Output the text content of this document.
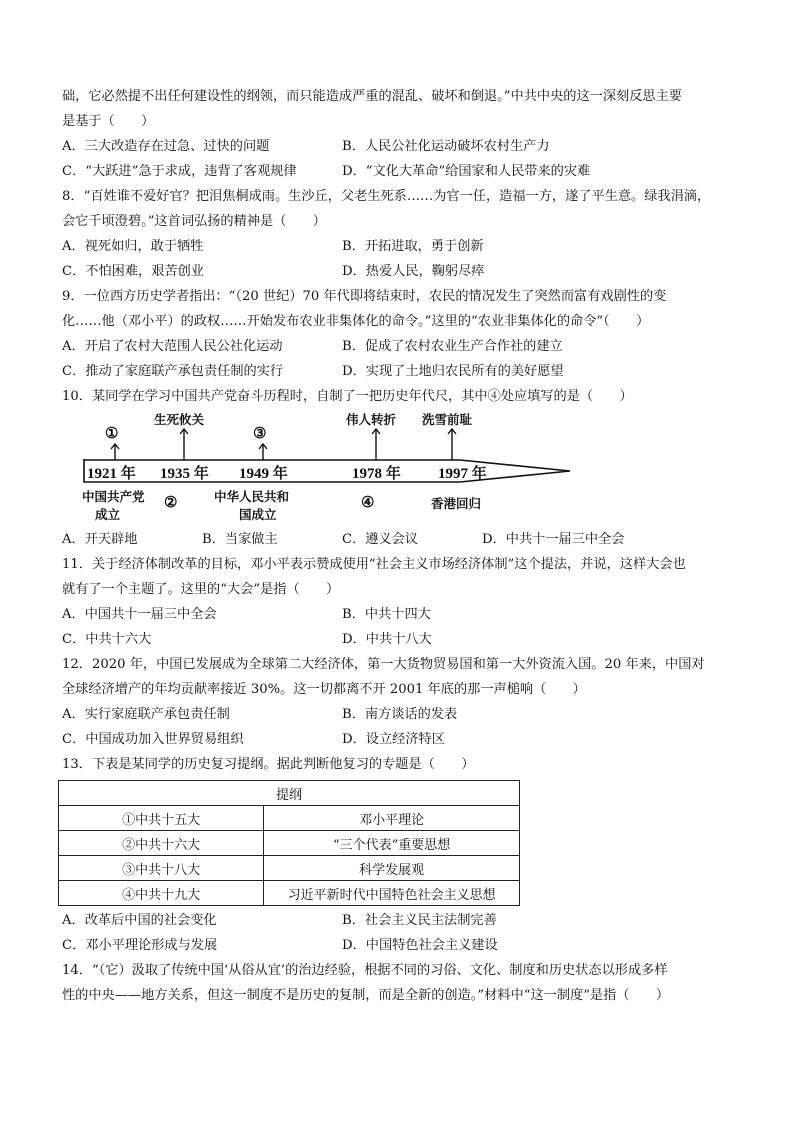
础，它必然提不出任何建设性的纲领，而只能造成严重的混乱、破坏和倒退。”中共中央的这一深刻反思主要
是基于（　　）
A．三大改造存在过急、过快的问题	B．人民公社化运动破坏农村生产力
C．“大跃进”急于求成，违背了客观规律	D．“文化大革命”给国家和人民带来的灾难
8．“百姓谁不爱好官？把泪焦桐成雨。生沙丘，父老生死系……为官一任，造福一方，遂了平生意。绿我涓滴，
会它千顷澄碧。”这首词弘扬的精神是（　　）
A．视死如归，敢于牺牲	B．开拓进取，勇于创新
C．不怕困难，艰苦创业	D．热爱人民，鞠躬尽瘁
9．一位西方历史学者指出：“（20 世纪）70 年代即将结束时，农民的情况发生了突然而富有戏剧性的变
化……他（邓小平）的政权……开始发布农业非集体化的命令。”这里的“农业非集体化的命令”（　　）
A．开启了农村大范围人民公社化运动	B．促成了农村农业生产合作社的建立
C．推动了家庭联产承包责任制的实行	D．实现了土地归农民所有的美好愿望
10．某同学在学习中国共产党奋斗历程时，自制了一把历史年代尺，其中④处应填写的是（　　）
①
生死攸关
③
伟人转折 洗雪前耻
1921 年 1935 年 1949 年	1978 年 1997 年
中国共产党
成立
②	中华人民共和
国成立
④	香港回归
A．开天辟地	B．当家做主	C．遵义会议	D．中共十一届三中全会
11．关于经济体制改革的目标，邓小平表示赞成使用“社会主义市场经济体制”这个提法，并说，这样大会也
就有了一个主题了。这里的“大会”是指（　　）
A．中国共十一届三中全会	B．中共十四大
C．中共十六大	D．中共十八大
12．2020 年，中国已发展成为全球第二大经济体，第一大货物贸易国和第一大外资流入国。20 年来，中国对
全球经济增产的年均贡献率接近 30%。这一切都离不开 2001 年底的那一声槌响（　　）
A．实行家庭联产承包责任制	B．南方谈话的发表
C．中国成功加入世界贸易组织	D．设立经济特区
13．下表是某同学的历史复习提纲。据此判断他复习的专题是（　　）
提纲	
①中共十五大	邓小平理论
②中共十六大	“三个代表”重要思想
③中共十八大	科学发展观
④中共十九大	习近平新时代中国特色社会主义思想
A．改革后中国的社会变化	B．社会主义民主法制完善
C．邓小平理论形成与发展	D．中国特色社会主义建设
14．“（它）汲取了传统中国‘从俗从宜’的治边经验，根据不同的习俗、文化、制度和历史状态以形成多样
性的中央——地方关系，但这一制度不是历史的复制，而是全新的创造。”材料中“这一制度”是指（　　）
